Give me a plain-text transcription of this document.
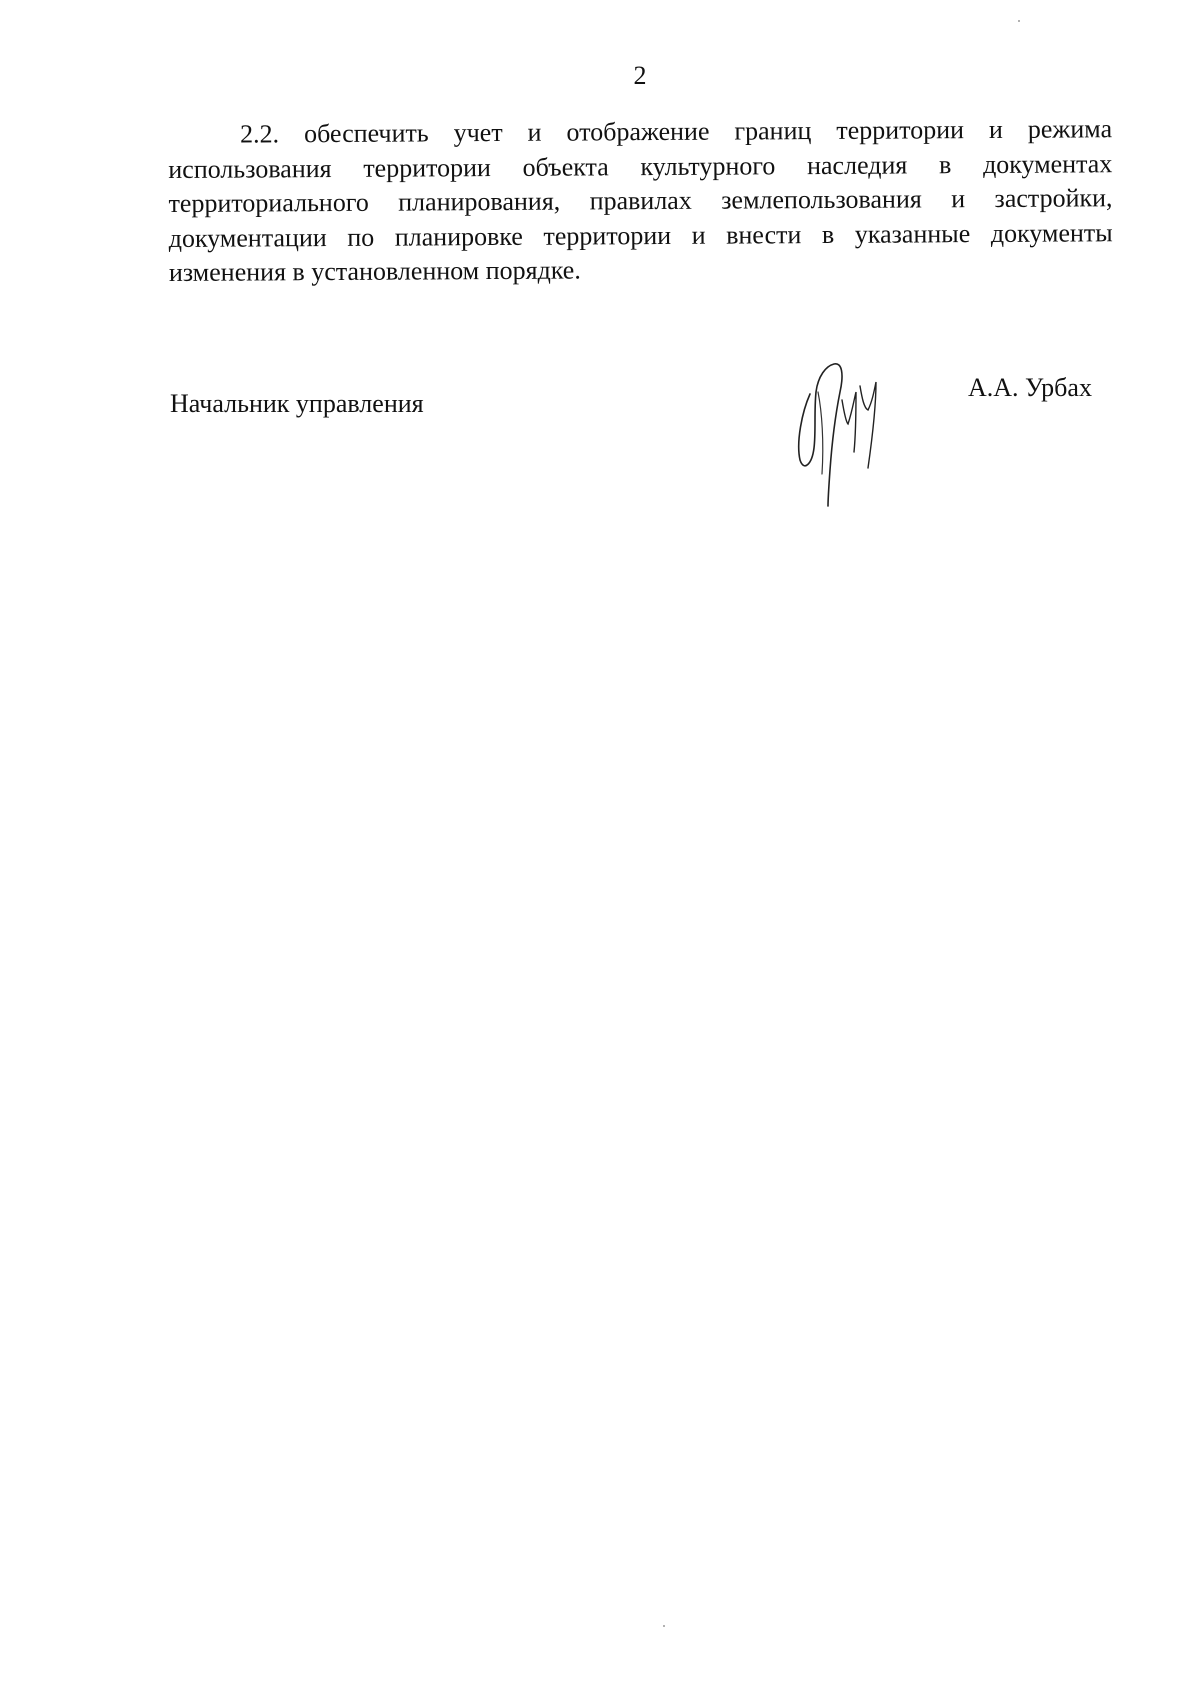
2

2.2. обеспечить учет и отображение границ территории и режима использования территории объекта культурного наследия в документах территориального планирования, правилах землепользования и застройки, документации по планировке территории и внести в указанные документы изменения в установленном порядке.

Начальник управления
А.А. Урбах
